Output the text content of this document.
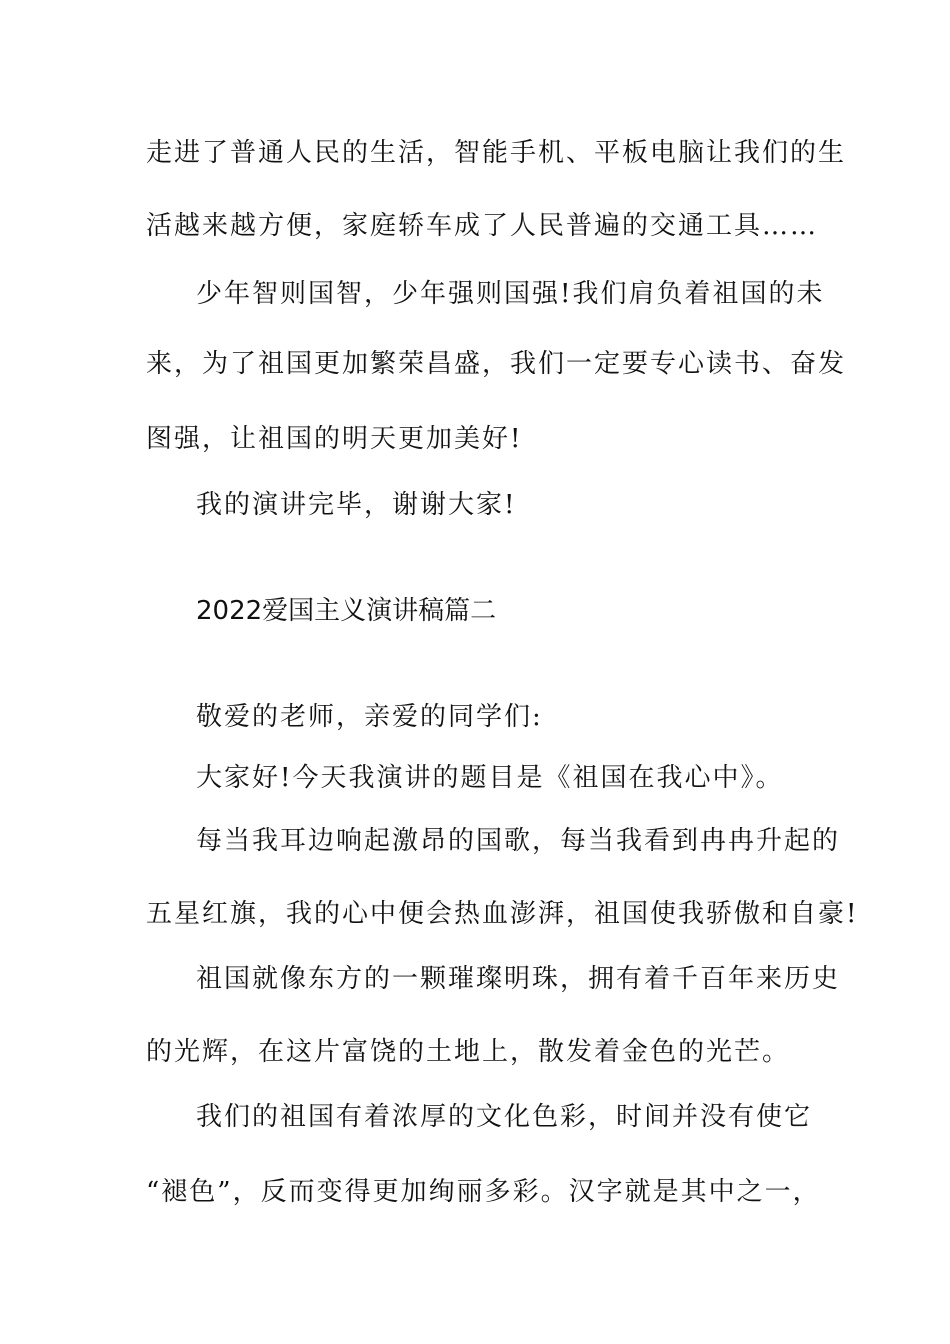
走进了普通人民的生活，智能手机、平板电脑让我们的生
活越来越方便，家庭轿车成了人民普遍的交通工具……
少年智则国智，少年强则国强!我们肩负着祖国的未
来，为了祖国更加繁荣昌盛，我们一定要专心读书、奋发
图强，让祖国的明天更加美好!
我的演讲完毕，谢谢大家!
2022爱国主义演讲稿篇二
敬爱的老师，亲爱的同学们:
大家好!今天我演讲的题目是《祖国在我心中》。
每当我耳边响起激昂的国歌，每当我看到冉冉升起的
五星红旗，我的心中便会热血澎湃，祖国使我骄傲和自豪!
祖国就像东方的一颗璀璨明珠，拥有着千百年来历史
的光辉，在这片富饶的土地上，散发着金色的光芒。
我们的祖国有着浓厚的文化色彩，时间并没有使它
“褪色”，反而变得更加绚丽多彩。汉字就是其中之一，
